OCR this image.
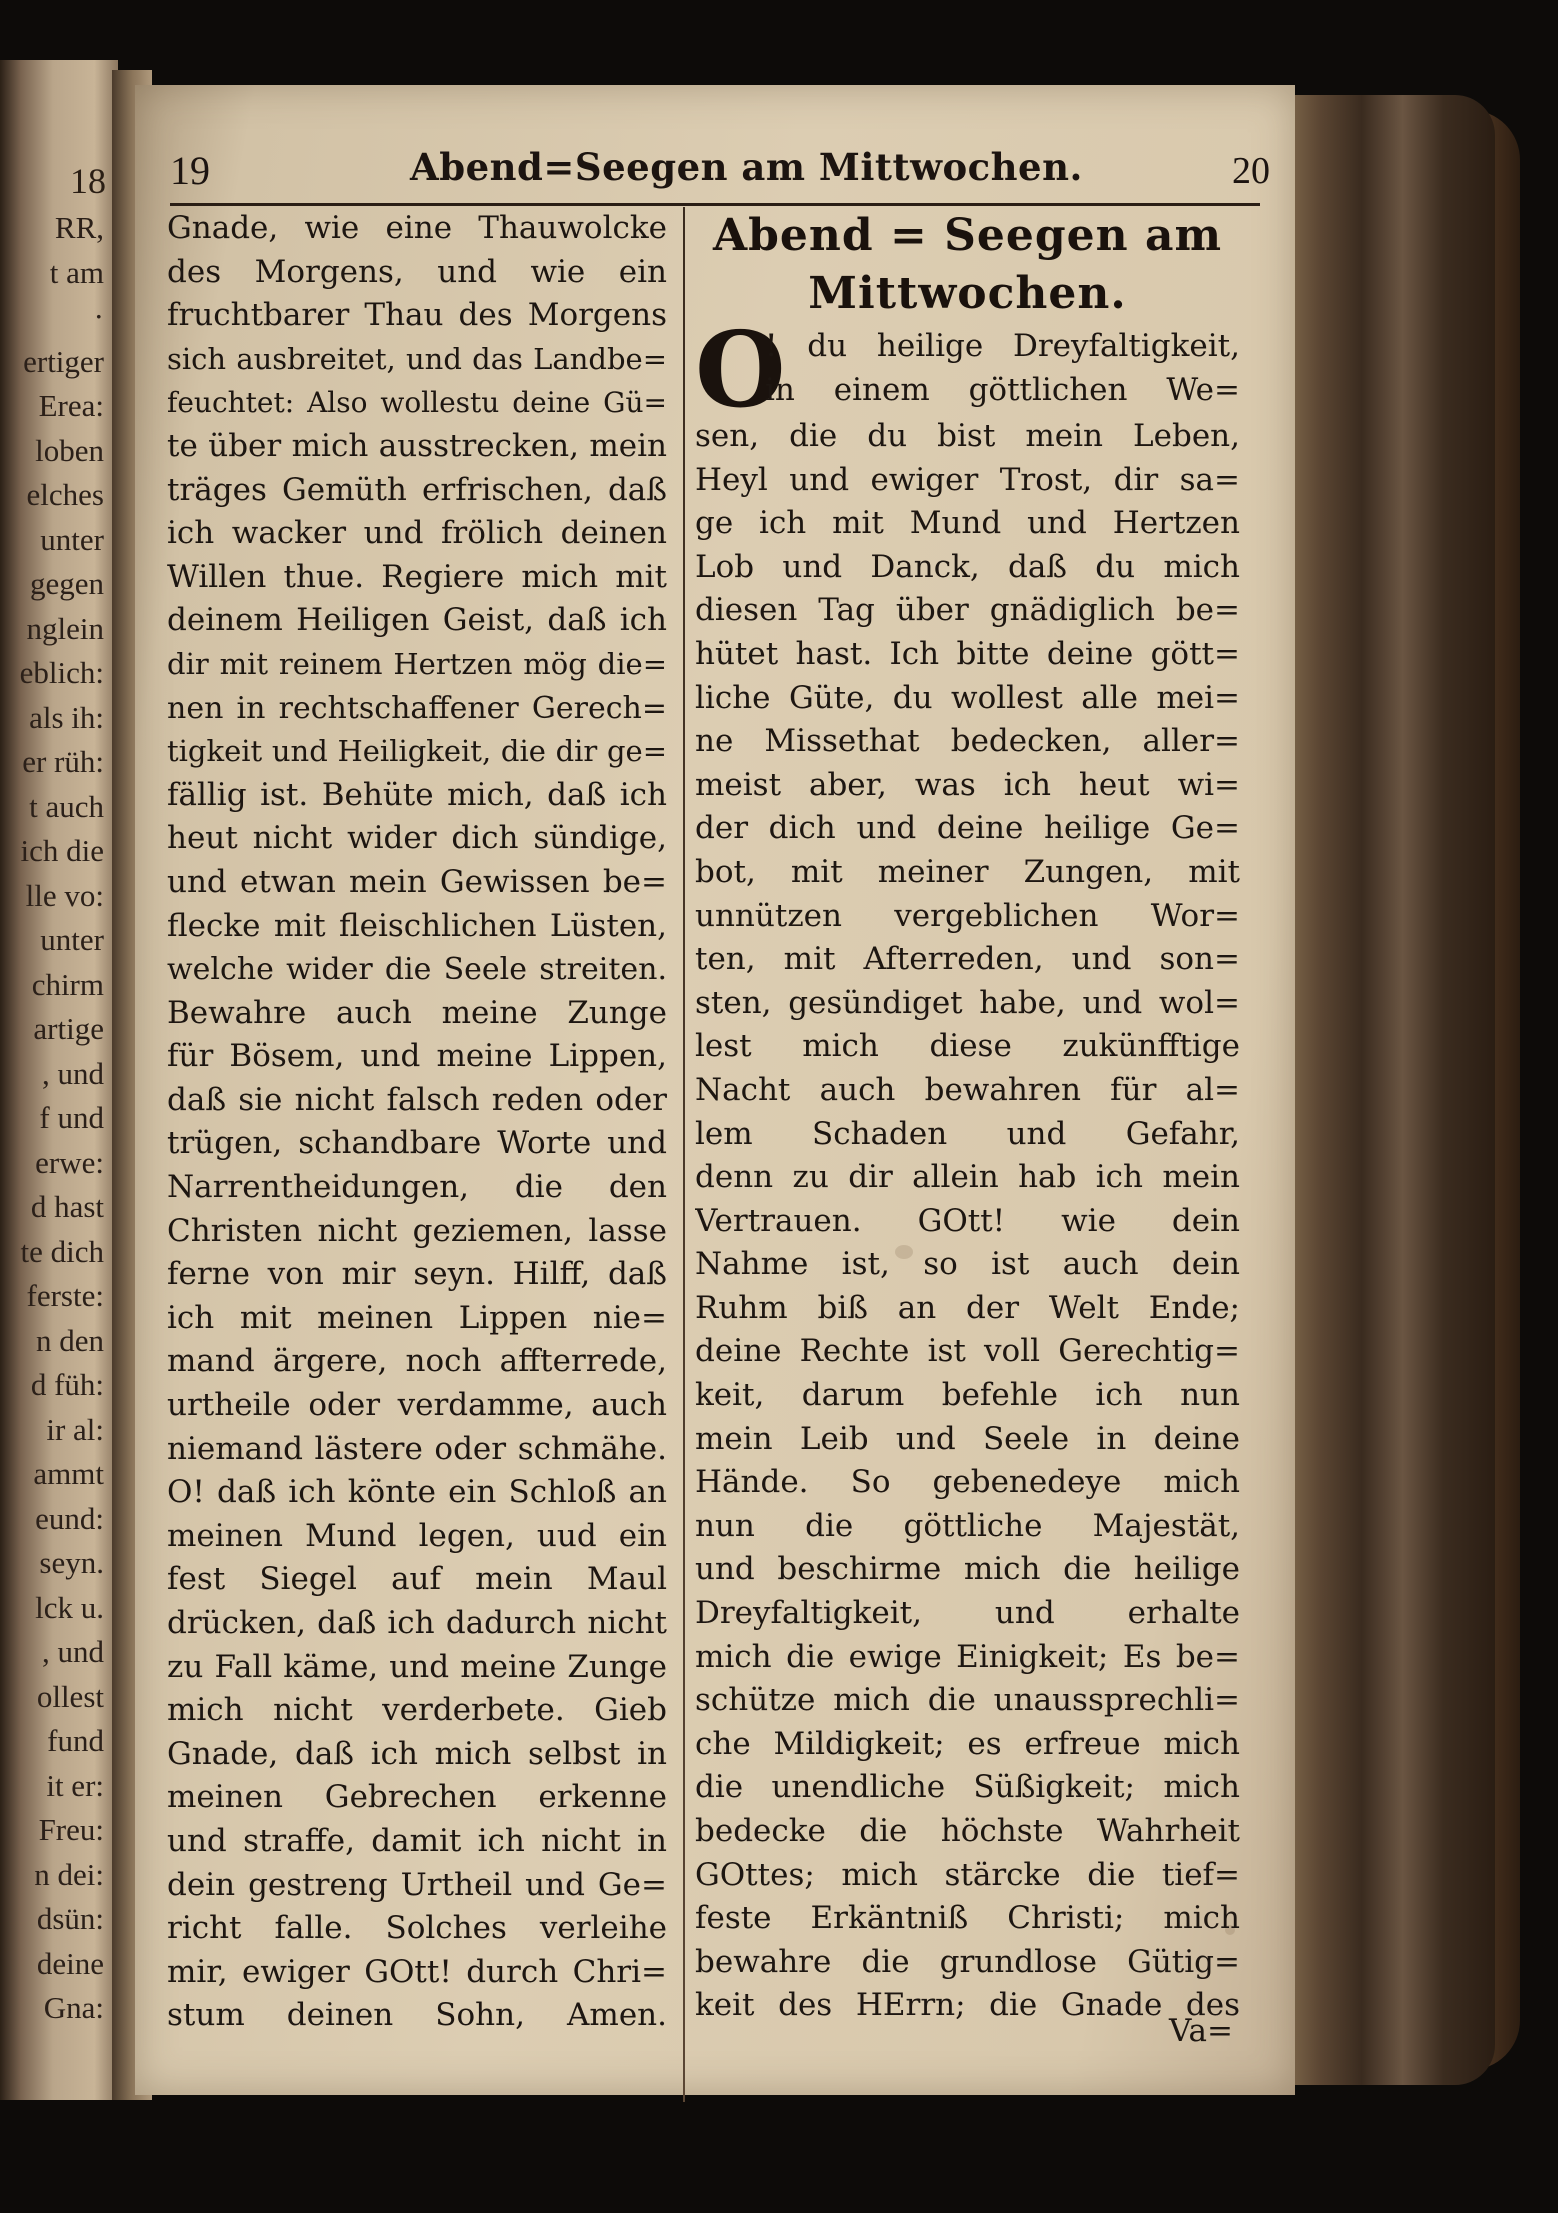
18
RR,
t am
·
ertiger
Erea:
loben
elches
unter
gegen
nglein
eblich:
als ih:
er rüh:
t auch
ich die
lle vo:
unter
chirm
artige
, und
f und
erwe:
d hast
te dich
ferste:
n den
d füh:
ir al:
ammt
eund:
seyn.
lck u.
, und
ollest
fund
it er:
Freu:
n dei:
dsün:
deine
Gna:
19	Abend=Seegen am Mittwochen.	20
Gnade, wie eine Thauwolcke
des Morgens, und wie ein
fruchtbarer Thau des Morgens
sich ausbreitet, und das Landbe=
feuchtet: Also wollestu deine Gü=
te über mich ausstrecken, mein
träges Gemüth erfrischen, daß
ich wacker und frölich deinen
Willen thue. Regiere mich mit
deinem Heiligen Geist, daß ich
dir mit reinem Hertzen mög die=
nen in rechtschaffener Gerech=
tigkeit und Heiligkeit, die dir ge=
fällig ist. Behüte mich, daß ich
heut nicht wider dich sündige,
und etwan mein Gewissen be=
flecke mit fleischlichen Lüsten,
welche wider die Seele streiten.
Bewahre auch meine Zunge
für Bösem, und meine Lippen,
daß sie nicht falsch reden oder
trügen, schandbare Worte und
Narrentheidungen, die den
Christen nicht geziemen, lasse
ferne von mir seyn. Hilff, daß
ich mit meinen Lippen nie=
mand ärgere, noch affterrede,
urtheile oder verdamme, auch
niemand lästere oder schmähe.
O! daß ich könte ein Schloß an
meinen Mund legen, uud ein
fest Siegel auf mein Maul
drücken, daß ich dadurch nicht
zu Fall käme, und meine Zunge
mich nicht verderbete. Gieb
Gnade, daß ich mich selbst in
meinen Gebrechen erkenne
und straffe, damit ich nicht in
dein gestreng Urtheil und Ge=
richt falle. Solches verleihe
mir, ewiger GOtt! durch Chri=
stum deinen Sohn, Amen.
Abend = Seegen am
Mittwochen.
O
! du heilige Dreyfaltigkeit,
in einem göttlichen We=
sen, die du bist mein Leben,
Heyl und ewiger Trost, dir sa=
ge ich mit Mund und Hertzen
Lob und Danck, daß du mich
diesen Tag über gnädiglich be=
hütet hast. Ich bitte deine gött=
liche Güte, du wollest alle mei=
ne Missethat bedecken, aller=
meist aber, was ich heut wi=
der dich und deine heilige Ge=
bot, mit meiner Zungen, mit
unnützen vergeblichen Wor=
ten, mit Afterreden, und son=
sten, gesündiget habe, und wol=
lest mich diese zukünfftige
Nacht auch bewahren für al=
lem Schaden und Gefahr,
denn zu dir allein hab ich mein
Vertrauen. GOtt! wie dein
Nahme ist, so ist auch dein
Ruhm biß an der Welt Ende;
deine Rechte ist voll Gerechtig=
keit, darum befehle ich nun
mein Leib und Seele in deine
Hände. So gebenedeye mich
nun die göttliche Majestät,
und beschirme mich die heilige
Dreyfaltigkeit, und erhalte
mich die ewige Einigkeit; Es be=
schütze mich die unaussprechli=
che Mildigkeit; es erfreue mich
die unendliche Süßigkeit; mich
bedecke die höchste Wahrheit
GOttes; mich stärcke die tief=
feste Erkäntniß Christi; mich
bewahre die grundlose Gütig=
keit des HErrn; die Gnade des
Va=
